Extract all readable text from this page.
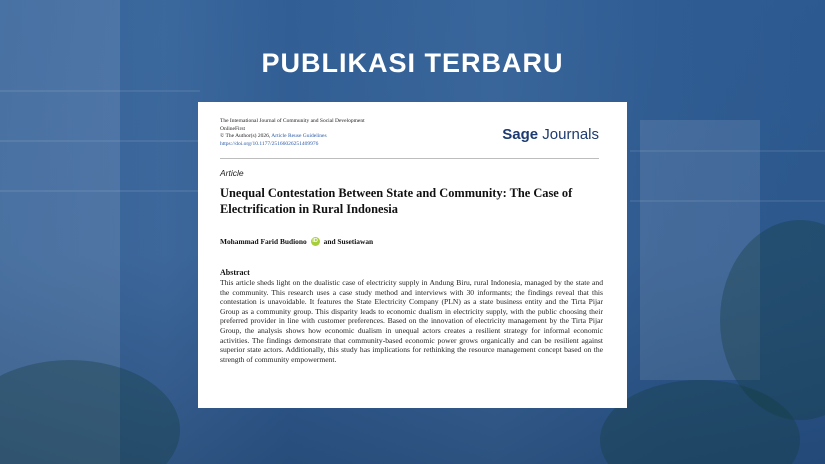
PUBLIKASI TERBARU
The International Journal of Community and Social Development
OnlineFirst
© The Author(s) 2026, Article Reuse Guidelines
https://doi.org/10.1177/25166026251409976
Sage Journals
Article
Unequal Contestation Between State and Community: The Case of Electrification in Rural Indonesia
Mohammad Farid Budiono	iD and Susetiawan
Abstract
This article sheds light on the dualistic case of electricity supply in Andung Biru, rural Indonesia, managed by the state and the community. This research uses a case study method and interviews with 30 informants; the findings reveal that this contestation is unavoidable. It features the State Electricity Company (PLN) as a state business entity and the Tirta Pijar Group as a community group. This disparity leads to economic dualism in electricity supply, with the public choosing their preferred provider in line with customer preferences. Based on the innovation of electricity management by the Tirta Pijar Group, the analysis shows how economic dualism in unequal actors creates a resilient strategy for informal economic activities. The findings demonstrate that community-based economic power grows organically and can be resilient against superior state actors. Additionally, this study has implications for rethinking the resource management concept based on the strength of community empowerment.
